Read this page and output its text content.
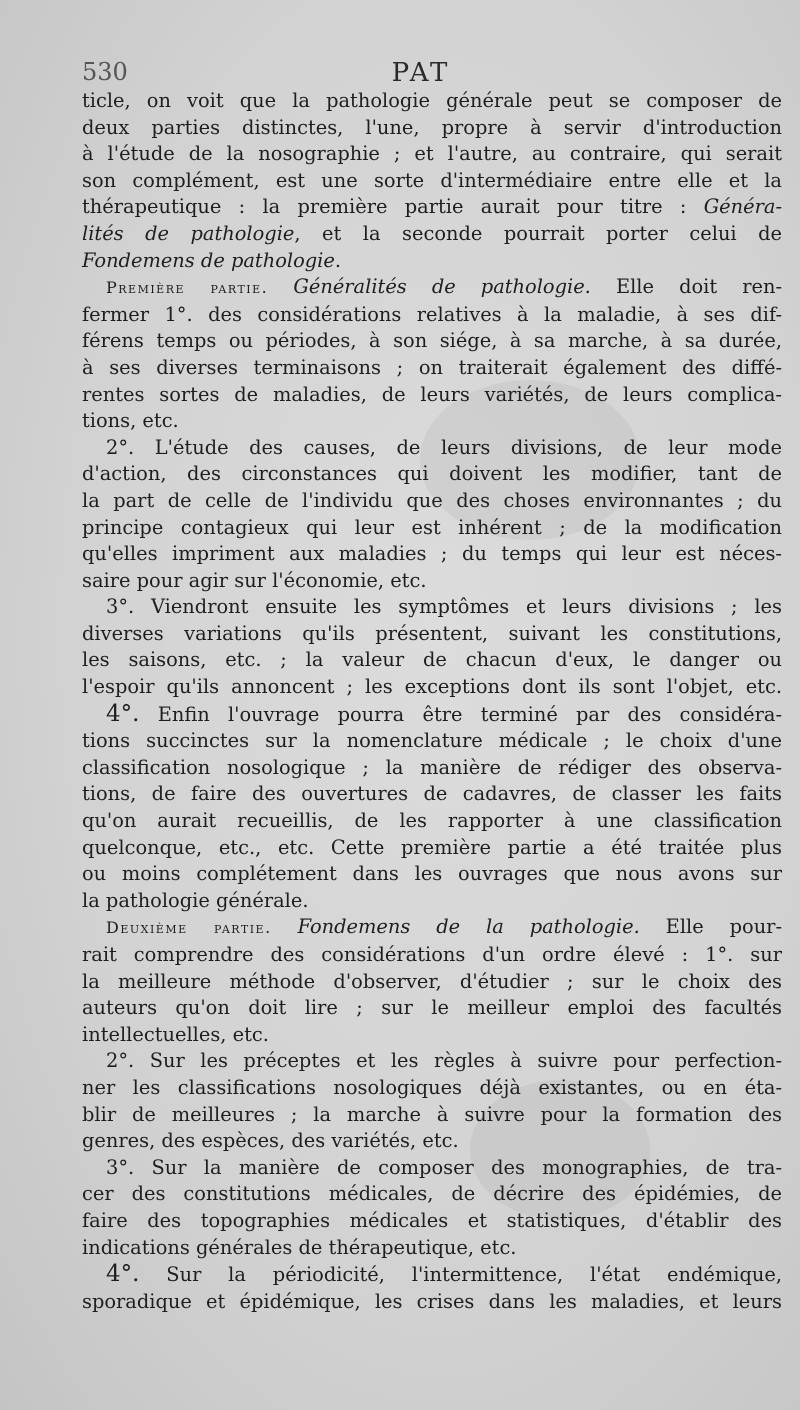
530	PAT

ticle, on voit que la pathologie générale peut se composer de

deux parties distinctes, l'une, propre à servir d'introduction

à l'étude de la nosographie ; et l'autre, au contraire, qui serait

son complément, est une sorte d'intermédiaire entre elle et la

thérapeutique : la première partie aurait pour titre : Généra-

lités de pathologie, et la seconde pourrait porter celui de

Fondemens de pathologie.

Première partie. Généralités de pathologie. Elle doit ren-

fermer 1°. des considérations relatives à la maladie, à ses dif-

férens temps ou périodes, à son siége, à sa marche, à sa durée,

à ses diverses terminaisons ; on traiterait également des diffé-

rentes sortes de maladies, de leurs variétés, de leurs complica-

tions, etc.

2°. L'étude des causes, de leurs divisions, de leur mode

d'action, des circonstances qui doivent les modifier, tant de

la part de celle de l'individu que des choses environnantes ; du

principe contagieux qui leur est inhérent ; de la modification

qu'elles impriment aux maladies ; du temps qui leur est néces-

saire pour agir sur l'économie, etc.

3°. Viendront ensuite les symptômes et leurs divisions ; les

diverses variations qu'ils présentent, suivant les constitutions,

les saisons, etc. ; la valeur de chacun d'eux, le danger ou

l'espoir qu'ils annoncent ; les exceptions dont ils sont l'objet, etc.

4°. Enfin l'ouvrage pourra être terminé par des considéra-

tions succinctes sur la nomenclature médicale ; le choix d'une

classification nosologique ; la manière de rédiger des observa-

tions, de faire des ouvertures de cadavres, de classer les faits

qu'on aurait recueillis, de les rapporter à une classification

quelconque, etc., etc. Cette première partie a été traitée plus

ou moins complétement dans les ouvrages que nous avons sur

la pathologie générale.

Deuxième partie. Fondemens de la pathologie. Elle pour-

rait comprendre des considérations d'un ordre élevé : 1°. sur

la meilleure méthode d'observer, d'étudier ; sur le choix des

auteurs qu'on doit lire ; sur le meilleur emploi des facultés

intellectuelles, etc.

2°. Sur les préceptes et les règles à suivre pour perfection-

ner les classifications nosologiques déjà existantes, ou en éta-

blir de meilleures ; la marche à suivre pour la formation des

genres, des espèces, des variétés, etc.

3°. Sur la manière de composer des monographies, de tra-

cer des constitutions médicales, de décrire des épidémies, de

faire des topographies médicales et statistiques, d'établir des

indications générales de thérapeutique, etc.

4°. Sur la périodicité, l'intermittence, l'état endémique,

sporadique et épidémique, les crises dans les maladies, et leurs
